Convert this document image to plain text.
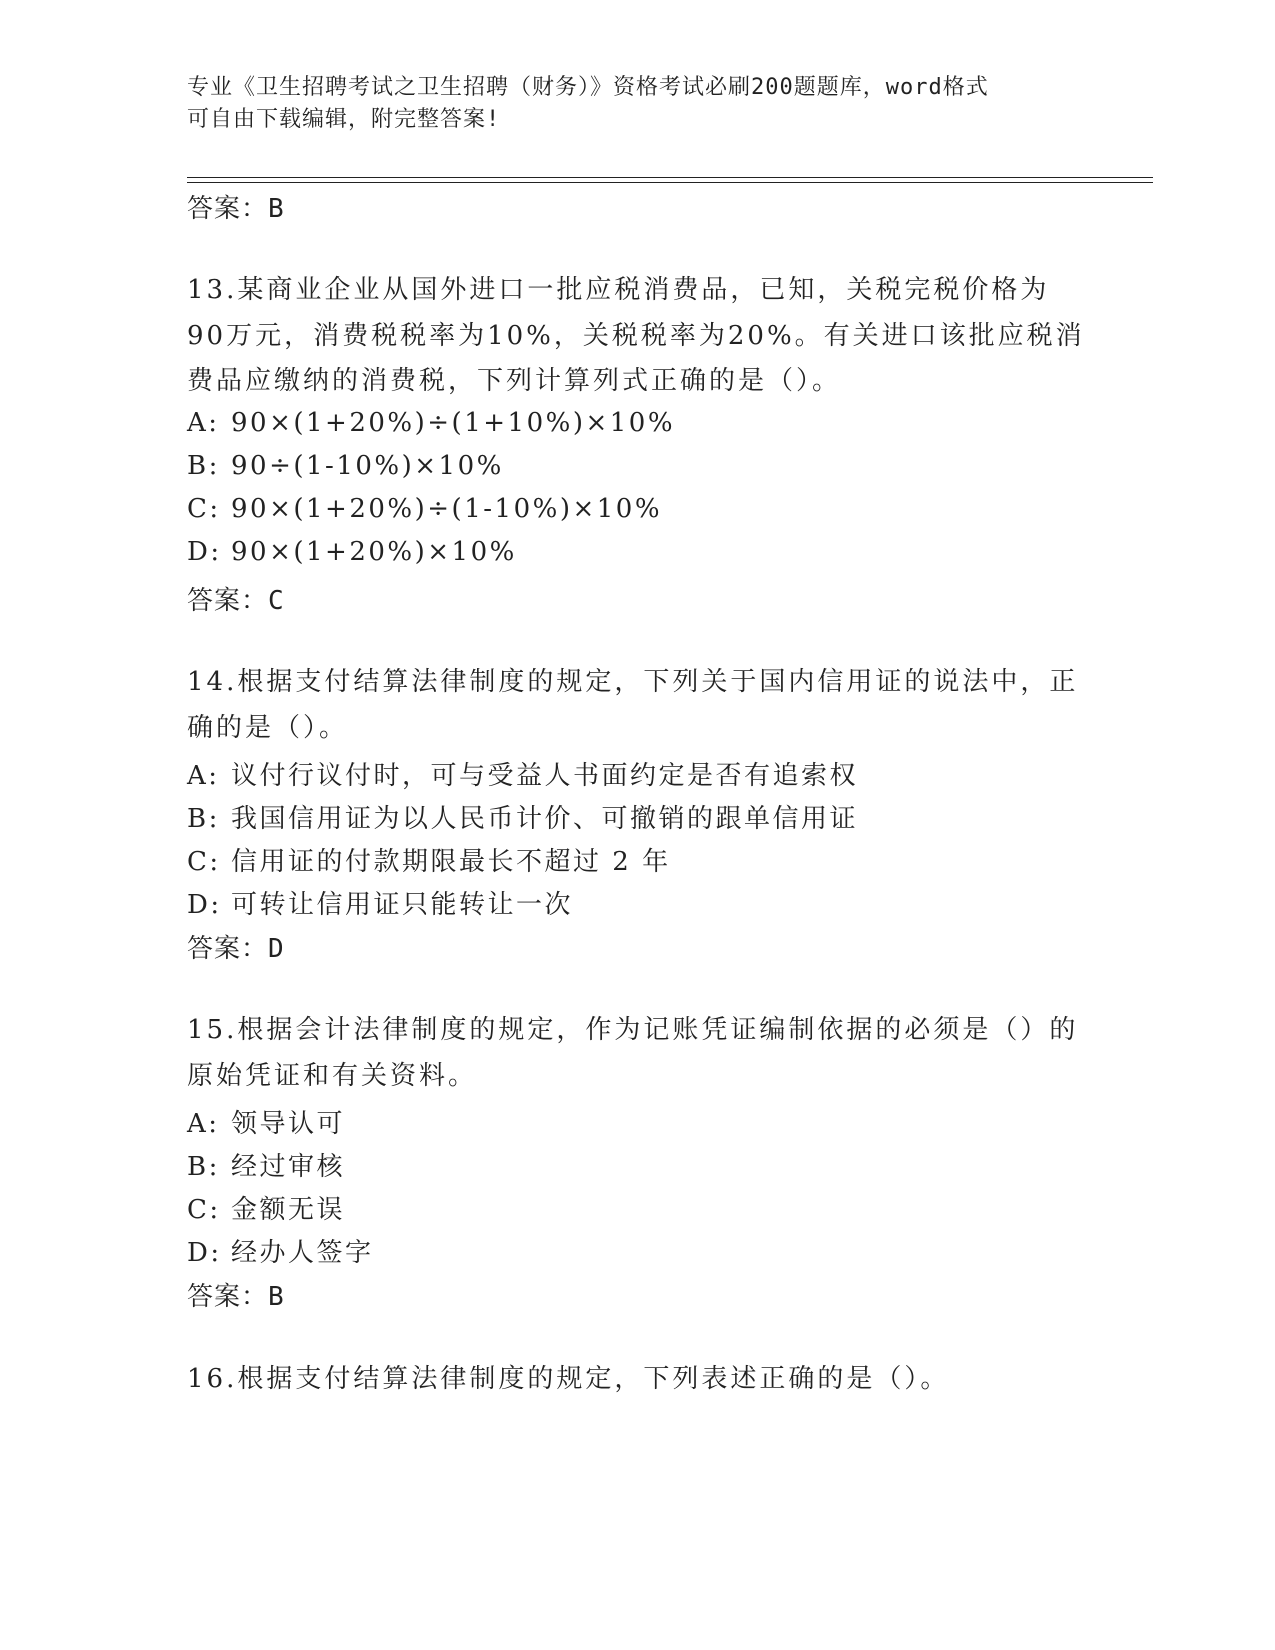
专业《卫生招聘考试之卫生招聘（财务）》资格考试必刷200题题库，word格式
可自由下载编辑，附完整答案!
答案：B
13.某商业企业从国外进口一批应税消费品，已知，关税完税价格为90万元，消费税税率为10%，关税税率为20%。有关进口该批应税消费品应缴纳的消费税，下列计算列式正确的是（）。
A: 90×(1+20%)÷(1+10%)×10%
B: 90÷(1-10%)×10%
C: 90×(1+20%)÷(1-10%)×10%
D: 90×(1+20%)×10%
答案：C
14.根据支付结算法律制度的规定，下列关于国内信用证的说法中，正确的是（）。
A: 议付行议付时，可与受益人书面约定是否有追索权
B: 我国信用证为以人民币计价、可撤销的跟单信用证
C: 信用证的付款期限最长不超过 2 年
D: 可转让信用证只能转让一次
答案：D
15.根据会计法律制度的规定，作为记账凭证编制依据的必须是（）的原始凭证和有关资料。
A: 领导认可
B: 经过审核
C: 金额无误
D: 经办人签字
答案：B
16.根据支付结算法律制度的规定，下列表述正确的是（）。
